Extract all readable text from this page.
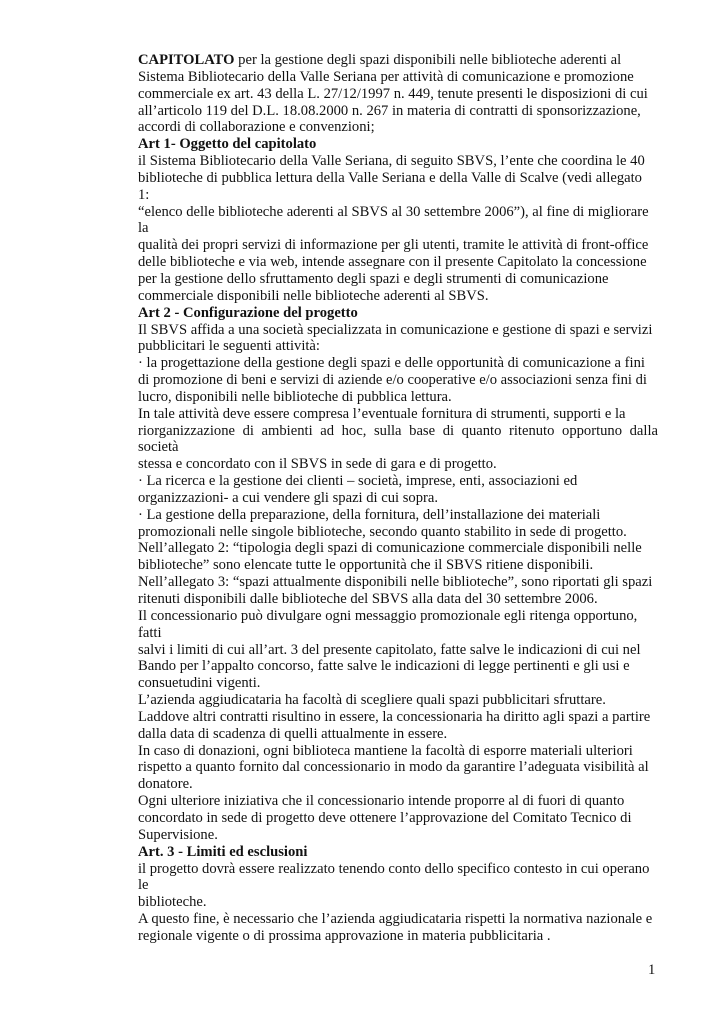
CAPITOLATO per la gestione degli spazi disponibili nelle biblioteche aderenti al
Sistema Bibliotecario della Valle Seriana per attività di comunicazione e promozione
commerciale ex art. 43 della L. 27/12/1997 n. 449, tenute presenti le disposizioni di cui
all’articolo 119 del D.L. 18.08.2000 n. 267 in materia di contratti di sponsorizzazione,
accordi di collaborazione e convenzioni;
Art 1- Oggetto del capitolato
il Sistema Bibliotecario della Valle Seriana, di seguito SBVS, l’ente che coordina le 40
biblioteche di pubblica lettura della Valle Seriana e della Valle di Scalve (vedi allegato
1:
“elenco delle biblioteche aderenti al SBVS al 30 settembre 2006”), al fine di migliorare
la
qualità dei propri servizi di informazione per gli utenti, tramite le attività di front-office
delle biblioteche e via web, intende assegnare con il presente Capitolato la concessione
per la gestione dello sfruttamento degli spazi e degli strumenti di comunicazione
commerciale disponibili nelle biblioteche aderenti al SBVS.
Art 2 - Configurazione del progetto
Il SBVS affida a una società specializzata in comunicazione e gestione di spazi e servizi
pubblicitari le seguenti attività:
· la progettazione della gestione degli spazi e delle opportunità di comunicazione a fini
di promozione di beni e servizi di aziende e/o cooperative e/o associazioni senza fini di
lucro, disponibili nelle biblioteche di pubblica lettura.
In tale attività deve essere compresa l’eventuale fornitura di strumenti, supporti e la
riorganizzazione di ambienti ad hoc, sulla base di quanto ritenuto opportuno dalla
società
stessa e concordato con il SBVS in sede di gara e di progetto.
· La ricerca e la gestione dei clienti – società, imprese, enti, associazioni ed
organizzazioni- a cui vendere gli spazi di cui sopra.
· La gestione della preparazione, della fornitura, dell’installazione dei materiali
promozionali nelle singole biblioteche, secondo quanto stabilito in sede di progetto.
Nell’allegato 2: “tipologia degli spazi di comunicazione commerciale disponibili nelle
biblioteche” sono elencate tutte le opportunità che il SBVS ritiene disponibili.
Nell’allegato 3: “spazi attualmente disponibili nelle biblioteche”, sono riportati gli spazi
ritenuti disponibili dalle biblioteche del SBVS alla data del 30 settembre 2006.
Il concessionario può divulgare ogni messaggio promozionale egli ritenga opportuno,
fatti
salvi i limiti di cui all’art. 3 del presente capitolato, fatte salve le indicazioni di cui nel
Bando per l’appalto concorso, fatte salve le indicazioni di legge pertinenti e gli usi e
consuetudini vigenti.
L’azienda aggiudicataria ha facoltà di scegliere quali spazi pubblicitari sfruttare.
Laddove altri contratti risultino in essere, la concessionaria ha diritto agli spazi a partire
dalla data di scadenza di quelli attualmente in essere.
In caso di donazioni, ogni biblioteca mantiene la facoltà di esporre materiali ulteriori
rispetto a quanto fornito dal concessionario in modo da garantire l’adeguata visibilità al
donatore.
Ogni ulteriore iniziativa che il concessionario intende proporre al di fuori di quanto
concordato in sede di progetto deve ottenere l’approvazione del Comitato Tecnico di
Supervisione.
Art. 3 - Limiti ed esclusioni
il progetto dovrà essere realizzato tenendo conto dello specifico contesto in cui operano
le
biblioteche.
A questo fine, è necessario che l’azienda aggiudicataria rispetti la normativa nazionale e
regionale vigente o di prossima approvazione in materia pubblicitaria .
1
